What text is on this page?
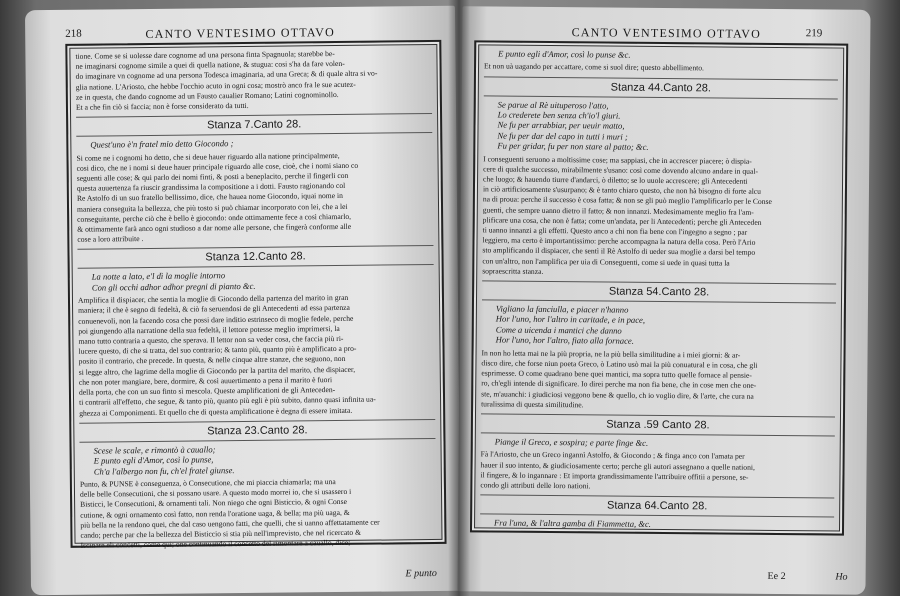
218	CANTO VENTESIMO OTTAVO

tione. Come se si uolesse dare cognome ad una persona finta Spagnuola; starebbe be-

ne imaginarsi cognome simile a quei di quella natione, & stugua: cosi s'ha da fare volen-

do imaginare vn cognome ad una persona Todesca imaginaria, ad una Greca; & di quale altra si vo-

glia natione. L'Ariosto, che hebbe l'occhio acuto in ogni cosa; mostrò anco fra le sue acutez-

ze in questa, che dando cognome ad un Fausto caualier Romano; Latini cognominollo.

Et a che fin ciò si faccia; non è forse considerato da tutti.

Stanza 7.Canto 28.
Quest'uno è'n fratel mio detto Giocondo ;

Si come ne i cognomi ho detto, che si deue hauer riguardo alla natione principalmente,

cosi dico, che ne i nomi si deue hauer principale riguardo alle cose, cioè, che i nomi siano co

seguenti alle cose; & qui parlo dei nomi finti, & posti a beneplacito, perche il fingerli con

questa auuertenza fa riuscir grandissima la compositione a i dotti. Fausto ragionando col

Re Astolfo di un suo fratello bellissimo, dice, che hauea nome Giocondo, iquai nome in

maniera conseguita la bellezza, che più tosto si può chiamar incorporato con lei, che a lei

conseguitante, perche ciò che è bello è giocondo: onde ottimamente fece a così chiamarlo,

& ottimamente farà anco ogni studioso a dar nome alle persone, che fingerà conforme alle

cose a loro attribuite .

Stanza 12.Canto 28.
La notte a lato, e'l dì la moglie intorno
Con gli occhi adhor adhor pregni di pianto &c.

Amplifica il dispiacer, che sentia la moglie di Giocondo della partenza del marito in gran

maniera; il che è segno di fedeltà, & ciò fa seruendosi de gli Antecedenti ad essa partenza

conuenevoli, non la facendo cosa che possi dare inditio estrinseco di moglie fedele, perche

poi giungendo alla narratione della sua fedeltà, il lettore potesse meglio imprimersi, la

mano tutto contraria a questo, che sperava. Il lettor non sa veder cosa, che faccia più ri-

lucere questo, di che si tratta, del suo contrario; & tanto più, quanto più è amplificato a pro-

posito il contrario, che precede. In questa, & nelle cinque altre stanze, che seguono, non

si legge altro, che lagrime della moglie di Giocondo per la partita del marito, che dispiacer,

che non poter mangiare, bere, dormire, & così auuertimento a pena il marito è fuori

della porta, che con un suo finto sì mescola. Queste amplificationi de gli Anteceden-

ti contrarii all'effetto, che segue, & tanto più, quanto più egli è più subito, danno quasi infinita ua-

ghezza ai Componimenti. Et quello che di questa amplificatione è degna di essere imitata.

Stanza 23.Canto 28.
Scese le scale, e rimontò à cauallo;
E punto egli d'Amor, così lo punse,
Ch'a l'albergo non fu, ch'el fratel giunse.

Punto, & PUNSE è conseguenza, ò Consecutione, che mi piaccia chiamarla; ma una

delle belle Consecutioni, che si possano usare. A questo modo morrei io, che si usassero i

Bisticci, le Consecutioni, & ornamenti tali. Non niego che ogni Bisticcio, & ogni Conse

cutione, & ogni ornamento così fatto, non renda l'oratione uaga, & bella; ma più uaga, &

più bella ne la rendono quei, che dal caso uengono fatti, che quelli, che si uanno affettatamente cer

cando; perche par che la bellezza del Bisticcio si stia più nell'imprevisto, che nel ricercato &

Iscinare eli concetti, come qui; one continuando il concetto del rimontare a cauallo, dice;

E punto
CANTO VENTESIMO OTTAVO	219
E punto egli d'Amor, così lo punse &c.

Et non uà uagando per accattare, come si suol dire; questo abbellimento.

Stanza 44.Canto 28.
Se parue al Rè uituperoso l'atto,
Lo crederete ben senza ch'io'l giuri.
Ne fu per arrabbiar, per ueuir matto,
Ne fu per dar del capo in tutti i muri ;
Fu per gridar, fu per non stare al patto; &c.

I conseguenti seruono a moltissime cose; ma sappiasi, che in accrescer piacere; ò dispia-

cere di qualche successo, mirabilmente s'usano: così come dovendo alcuno andare in qual-

che luogo; & hauendo tiurre d'andarci, ò diletto; se lo uuole accrescere; gli Antecedenti

in ciò artificiosamente s'usurpano; & è tanto chiaro questo, che non hà bisogno di forte alcu

na di proua: perche il successo è cosa fatta; & non se gli può meglio l'amplificarlo per le Conse

guenti, che sempre uanno dietro il fatto; & non innanzi. Medesimamente meglio fra l'am-

plificare una cosa, che non è fatta; come un'andata, per li Antecedenti; perche gli Anteceden

ti uanno innanzi a gli effetti. Questo anco a chi non fia bene con l'ingegno a segno ; par

leggiero, ma certo è importantissimo: perche accompagna la natura della cosa. Però l'Ario

sto amplificando il dispiacer, che sentì il Rè Astolfo di ueder sua moglie a darsi bel tempo

con un'altro, non l'amplifica per uia di Conseguenti, come si uede in quasi tutta la

sopraescritta stanza.

Stanza 54.Canto 28.
Vigliano la fanciulla, e piacer n'hanno
Hor l'uno, hor l'altro in caritade, e in pace,
Come a uicenda i mantici che danno
Hor l'uno, hor l'altro, fiato alla fornace.

In non ho letta mai ne la più propria, ne la più bella similitudine a i miei giorni: & ar-

disco dire, che forse niun poeta Greco, ò Latino usò mai la più conuatural e in cosa, che gli

esprimesse. O come quadrano bene quei mantici, ma sopra tutto quelle fornace al pensie-

ro, ch'egli intende di significare. Io direi perche ma non fia bene, che in cose men che one-

ste, m'auanchi: i giudiciosi veggono bene & quello, ch io voglio dire, & l'arte, che cura na

turalissima di questa similitudine.

Stanza .59 Canto 28.
Piange il Greco, e sospira; e parte finge &c.

Fà l'Ariosto, che un Greco ingannì Astolfo, & Giocondo ; & finga anco con l'amata per

hauer il suo intento, & giudiciosamente certo; perche gli autori assegnano a quelle nationi,

il fingere, & lo ingannare : Et importa grandissimamente l'attribuire offitii a persone, se-

condo gli attributi delle loro nationi.

Stanza 64.Canto 28.
Fra l'una, & l'altra gamba di Fiammetta, &c.
Ee 2	Ho
